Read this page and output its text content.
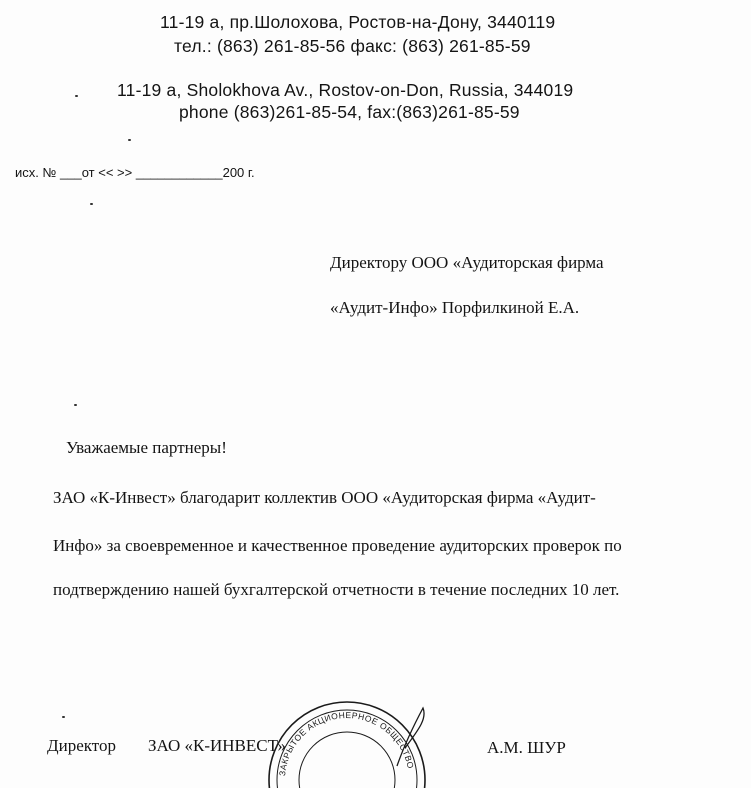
11-19 а, пр.Шолохова, Ростов-на-Дону, 3440119
тел.: (863) 261-85-56 факс: (863) 261-85-59
11-19 a, Sholokhova Av., Rostov-on-Don, Russia, 344019
phone (863)261-85-54, fax:(863)261-85-59
исх. № ___от << >> ____________200 г.
Директору ООО «Аудиторская фирма
«Аудит-Инфо» Порфилкиной Е.А.
Уважаемые партнеры!
ЗАО «К-Инвест» благодарит коллектив ООО «Аудиторская фирма «Аудит-
Инфо» за своевременное и качественное проведение аудиторских проверок по
подтверждению нашей бухгалтерской отчетности в течение последних 10 лет.
Директор ЗАО «К-ИНВЕСТ»	А.М. ШУР
ЗАКРЫТОЕ АКЦИОНЕРНОЕ ОБЩЕСТВО
